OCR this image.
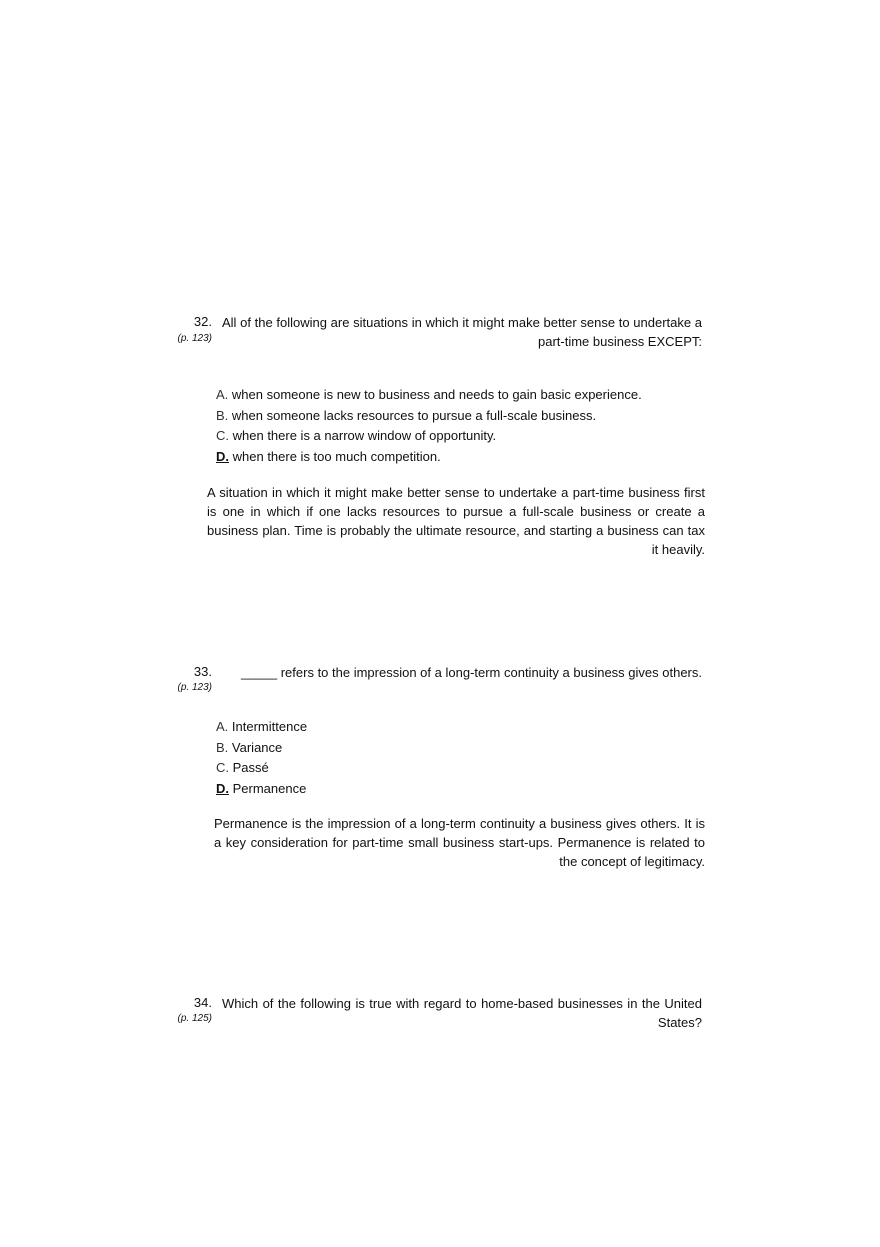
32.
(p. 123)
All of the following are situations in which it might make better sense to undertake a part-time business EXCEPT:
A. when someone is new to business and needs to gain basic experience.
B. when someone lacks resources to pursue a full-scale business.
C. when there is a narrow window of opportunity.
D. when there is too much competition.
A situation in which it might make better sense to undertake a part-time business first is one in which if one lacks resources to pursue a full-scale business or create a business plan. Time is probably the ultimate resource, and starting a business can tax it heavily.
33.
(p. 123)
_____ refers to the impression of a long-term continuity a business gives others.
A. Intermittence
B. Variance
C. Passé
D. Permanence
Permanence is the impression of a long-term continuity a business gives others. It is a key consideration for part-time small business start-ups. Permanence is related to the concept of legitimacy.
34.
(p. 125)
Which of the following is true with regard to home-based businesses in the United States?
